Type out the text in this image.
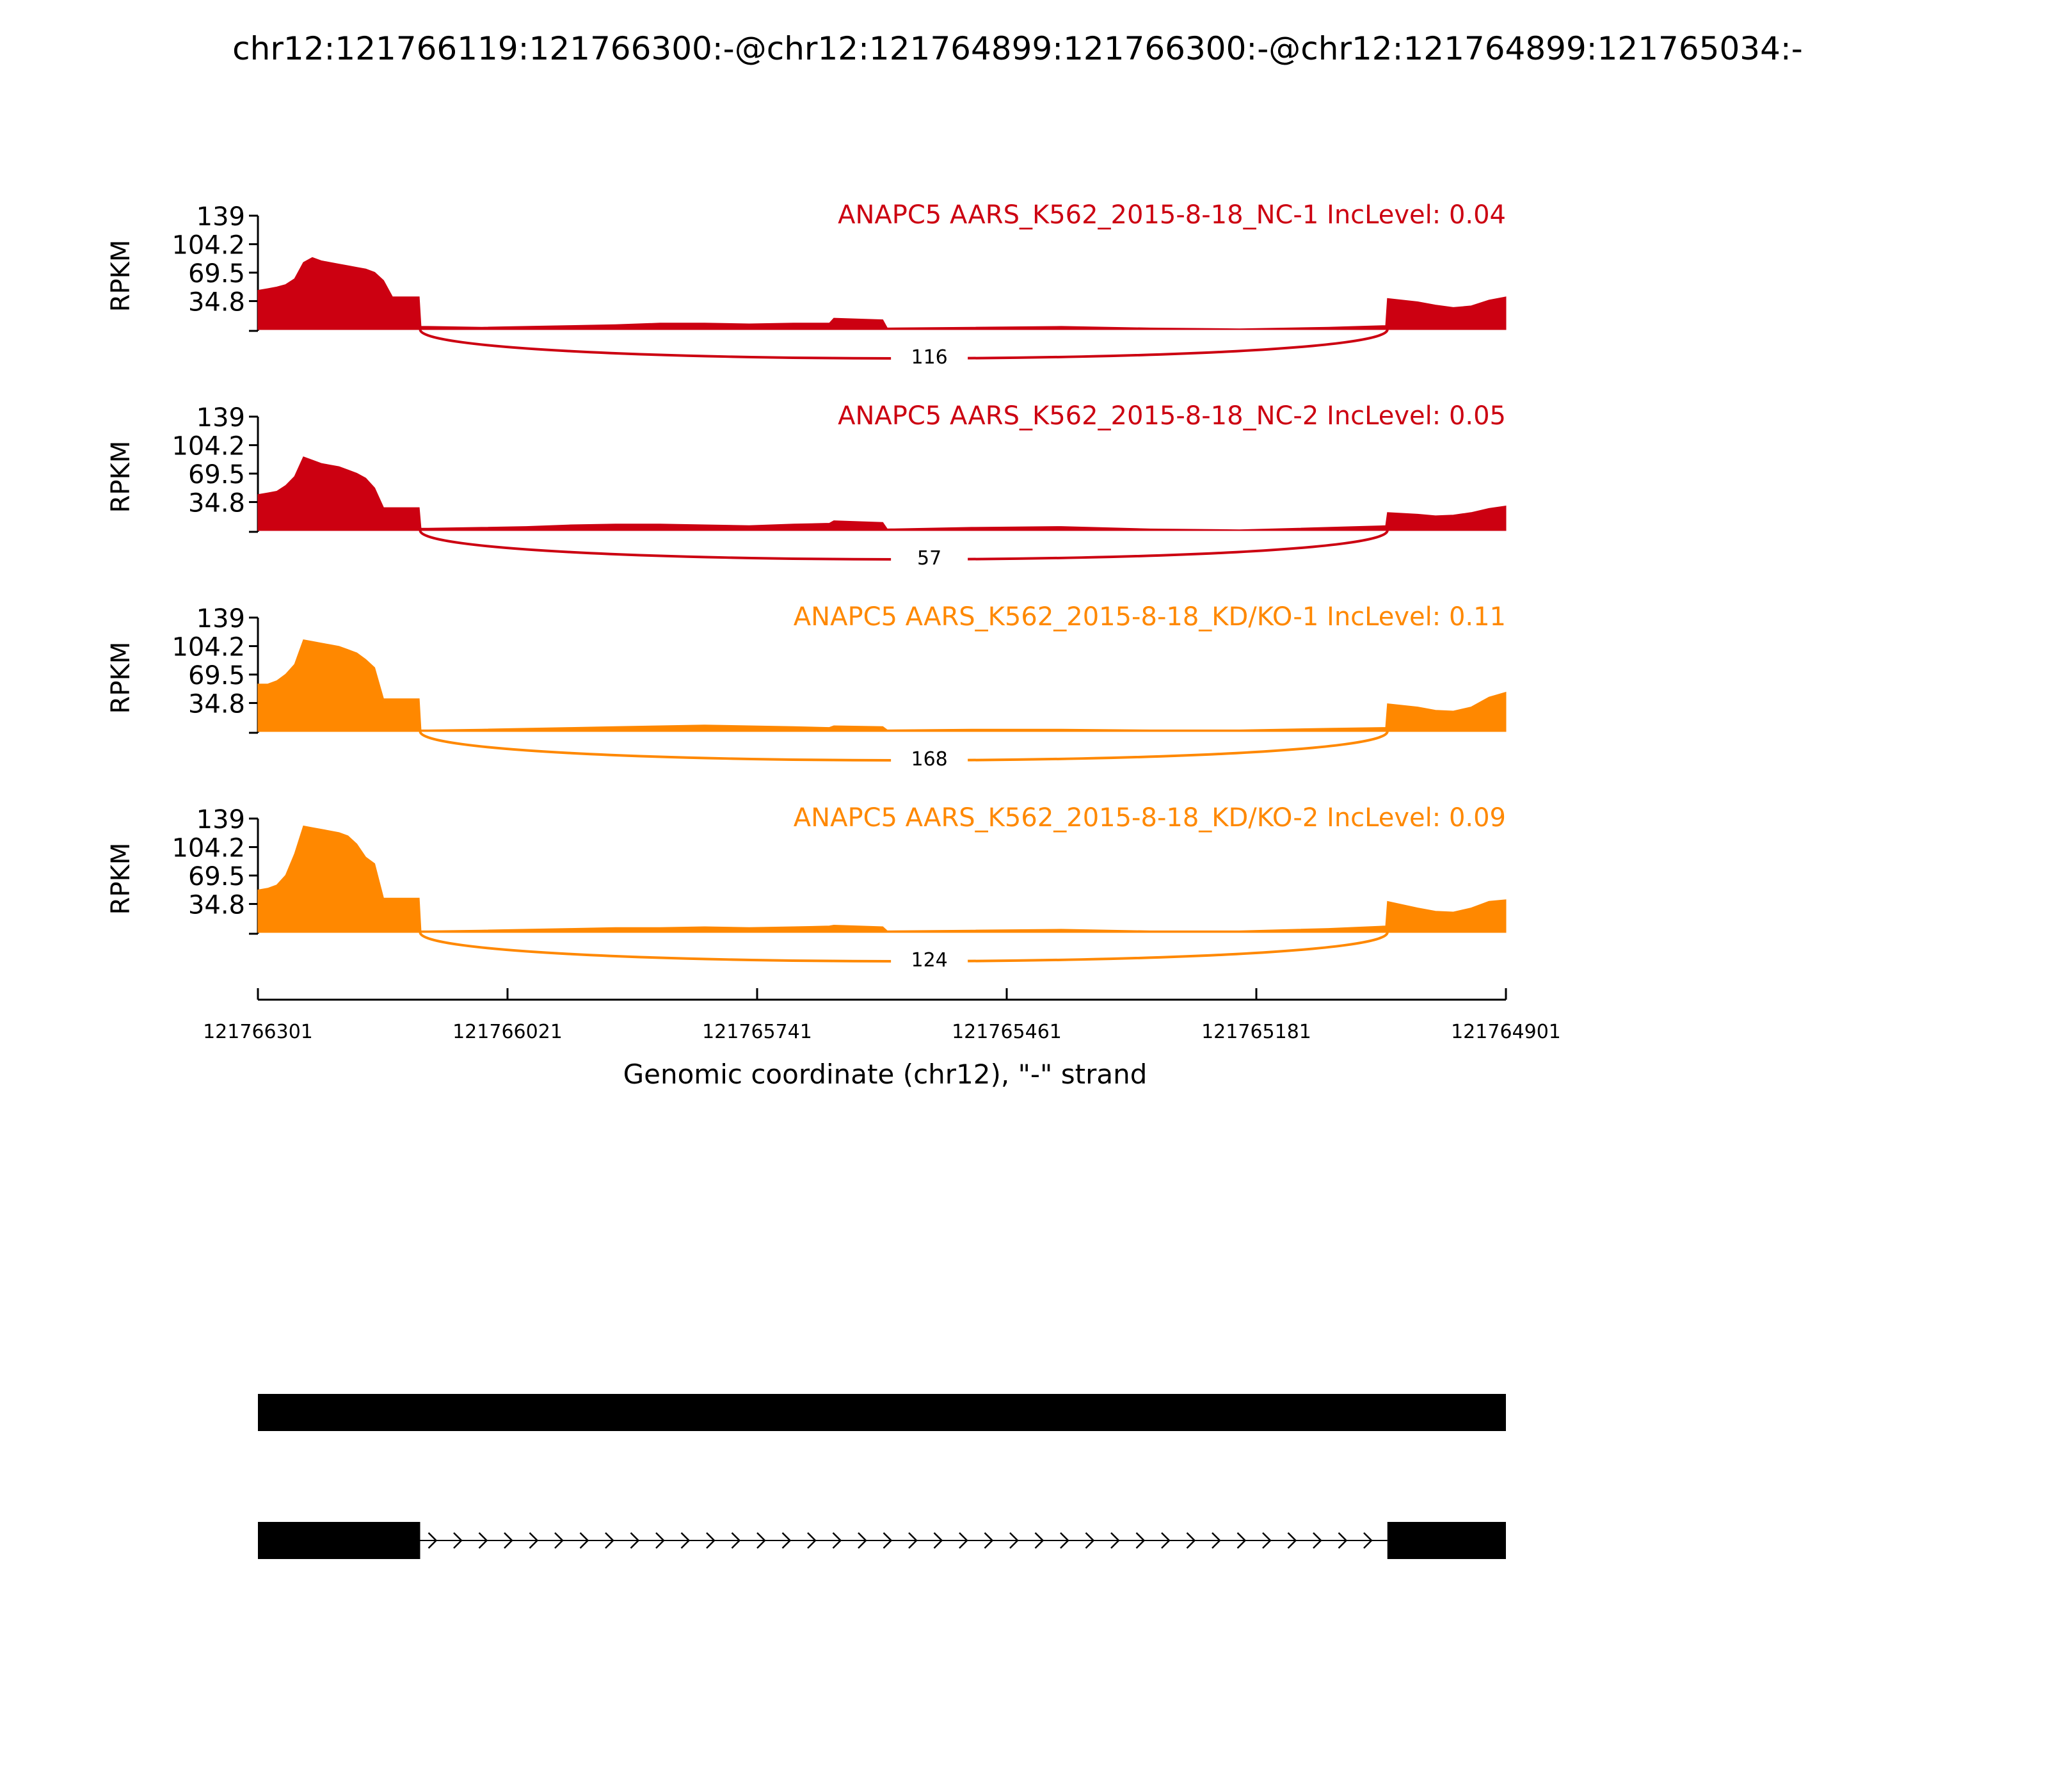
chr12:121766119:121766300:-@chr12:121764899:121766300:-@chr12:121764899:121765034:-
139
104.2
69.5
34.8
RPKM
116
ANAPC5 AARS_K562_2015-8-18_NC-1 IncLevel: 0.04
139
104.2
69.5
34.8
RPKM
57
ANAPC5 AARS_K562_2015-8-18_NC-2 IncLevel: 0.05
139
104.2
69.5
34.8
RPKM
168
ANAPC5 AARS_K562_2015-8-18_KD/KO-1 IncLevel: 0.11
139
104.2
69.5
34.8
RPKM
124
ANAPC5 AARS_K562_2015-8-18_KD/KO-2 IncLevel: 0.09
121766301	121766021	121765741	121765461	121765181	121764901
Genomic coordinate (chr12), "-" strand
